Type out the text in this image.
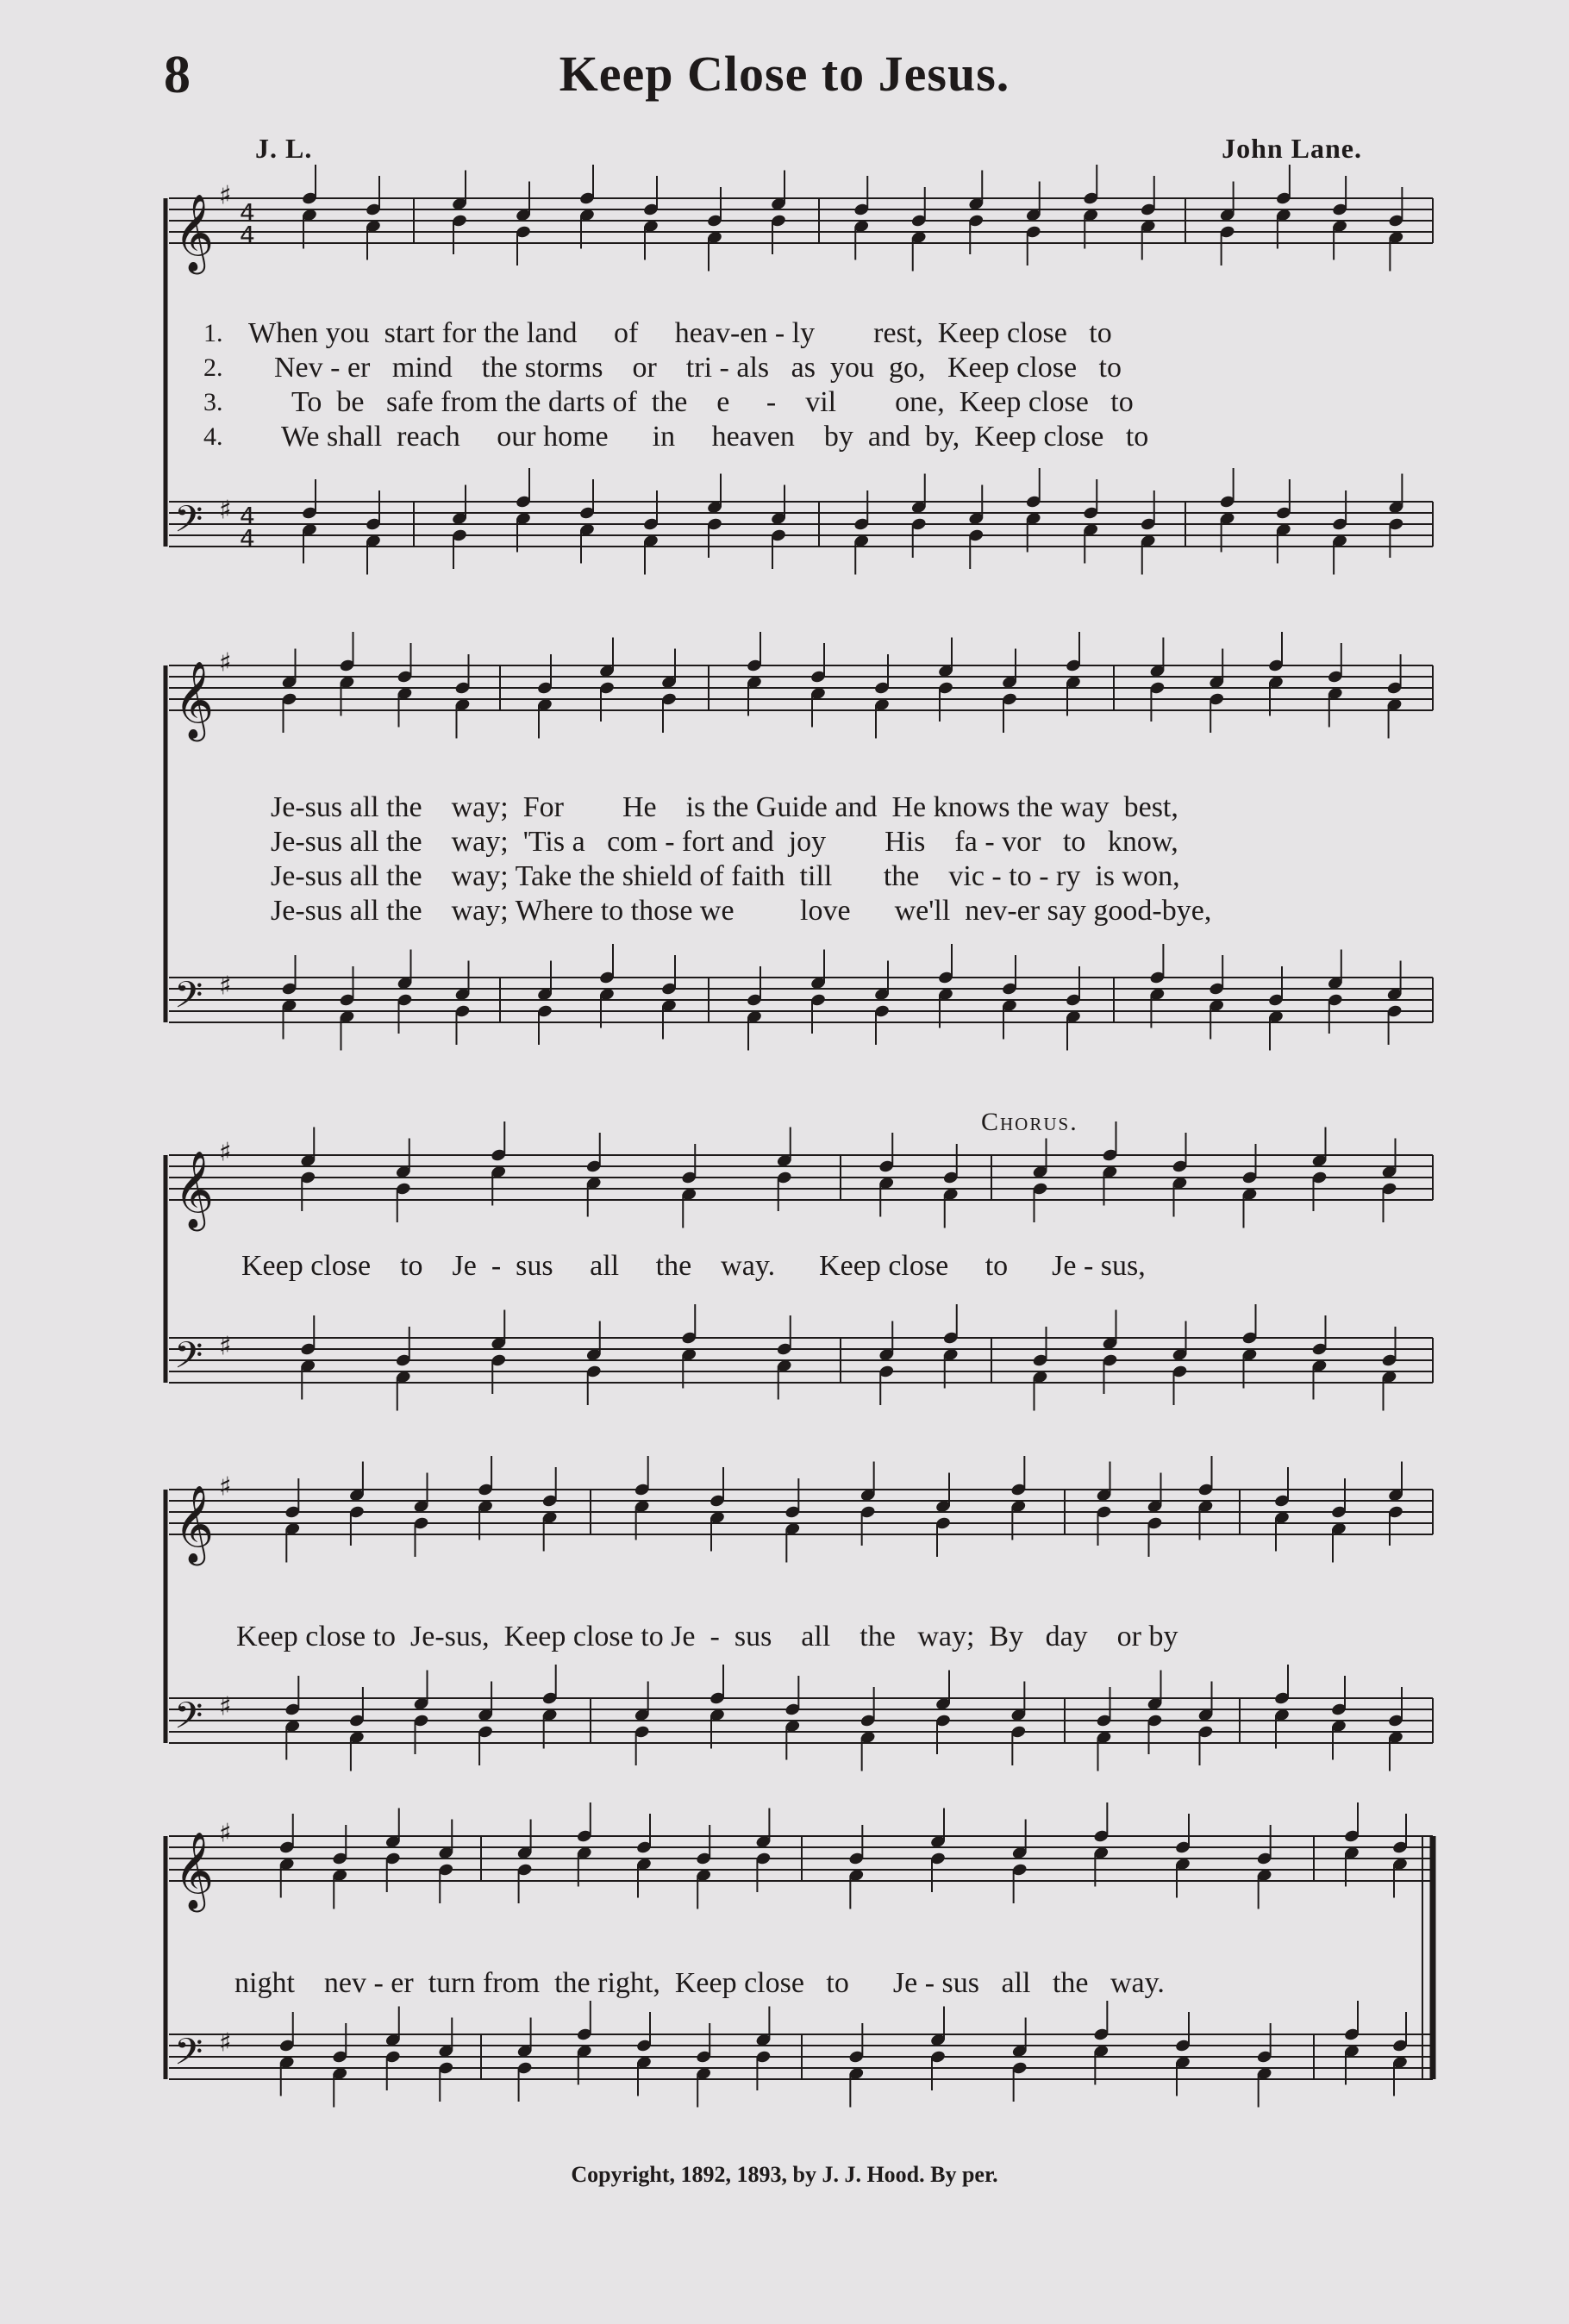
8	Keep Close to Jesus.
J. L.	John Lane.
Chorus.
1. When you  start for the land     of     heav-en - ly        rest,  Keep close   to
2. Nev - er   mind    the storms    or    tri - als   as  you  go,   Keep close   to
3. To  be   safe from the darts of  the    e     -    vil        one,  Keep close   to
4. We shall  reach     our home      in     heaven    by  and  by,  Keep close   to
Je-sus all the    way;  For        He    is the Guide and  He knows the way  best,
Je-sus all the    way;  'Tis a   com - fort and  joy        His    fa - vor   to   know,
Je-sus all the    way; Take the shield of faith  till       the    vic - to - ry  is won,
Je-sus all the    way; Where to those we         love      we'll  nev-er say good-bye,
Keep close    to    Je  -  sus     all     the    way.      Keep close     to      Je - sus,
Keep close to  Je-sus,  Keep close to Je  -  sus    all    the   way;  By   day    or by
night    nev - er  turn from  the right,  Keep close   to      Je - sus   all   the   way.
Copyright, 1892, 1893, by J. J. Hood. By per.
𝄞
𝄢
♯
♯
4
4
4
4
𝄞
𝄢
♯
♯
𝄞
𝄢
♯
♯
𝄞
𝄢
♯
♯
𝄞
𝄢
♯
♯
